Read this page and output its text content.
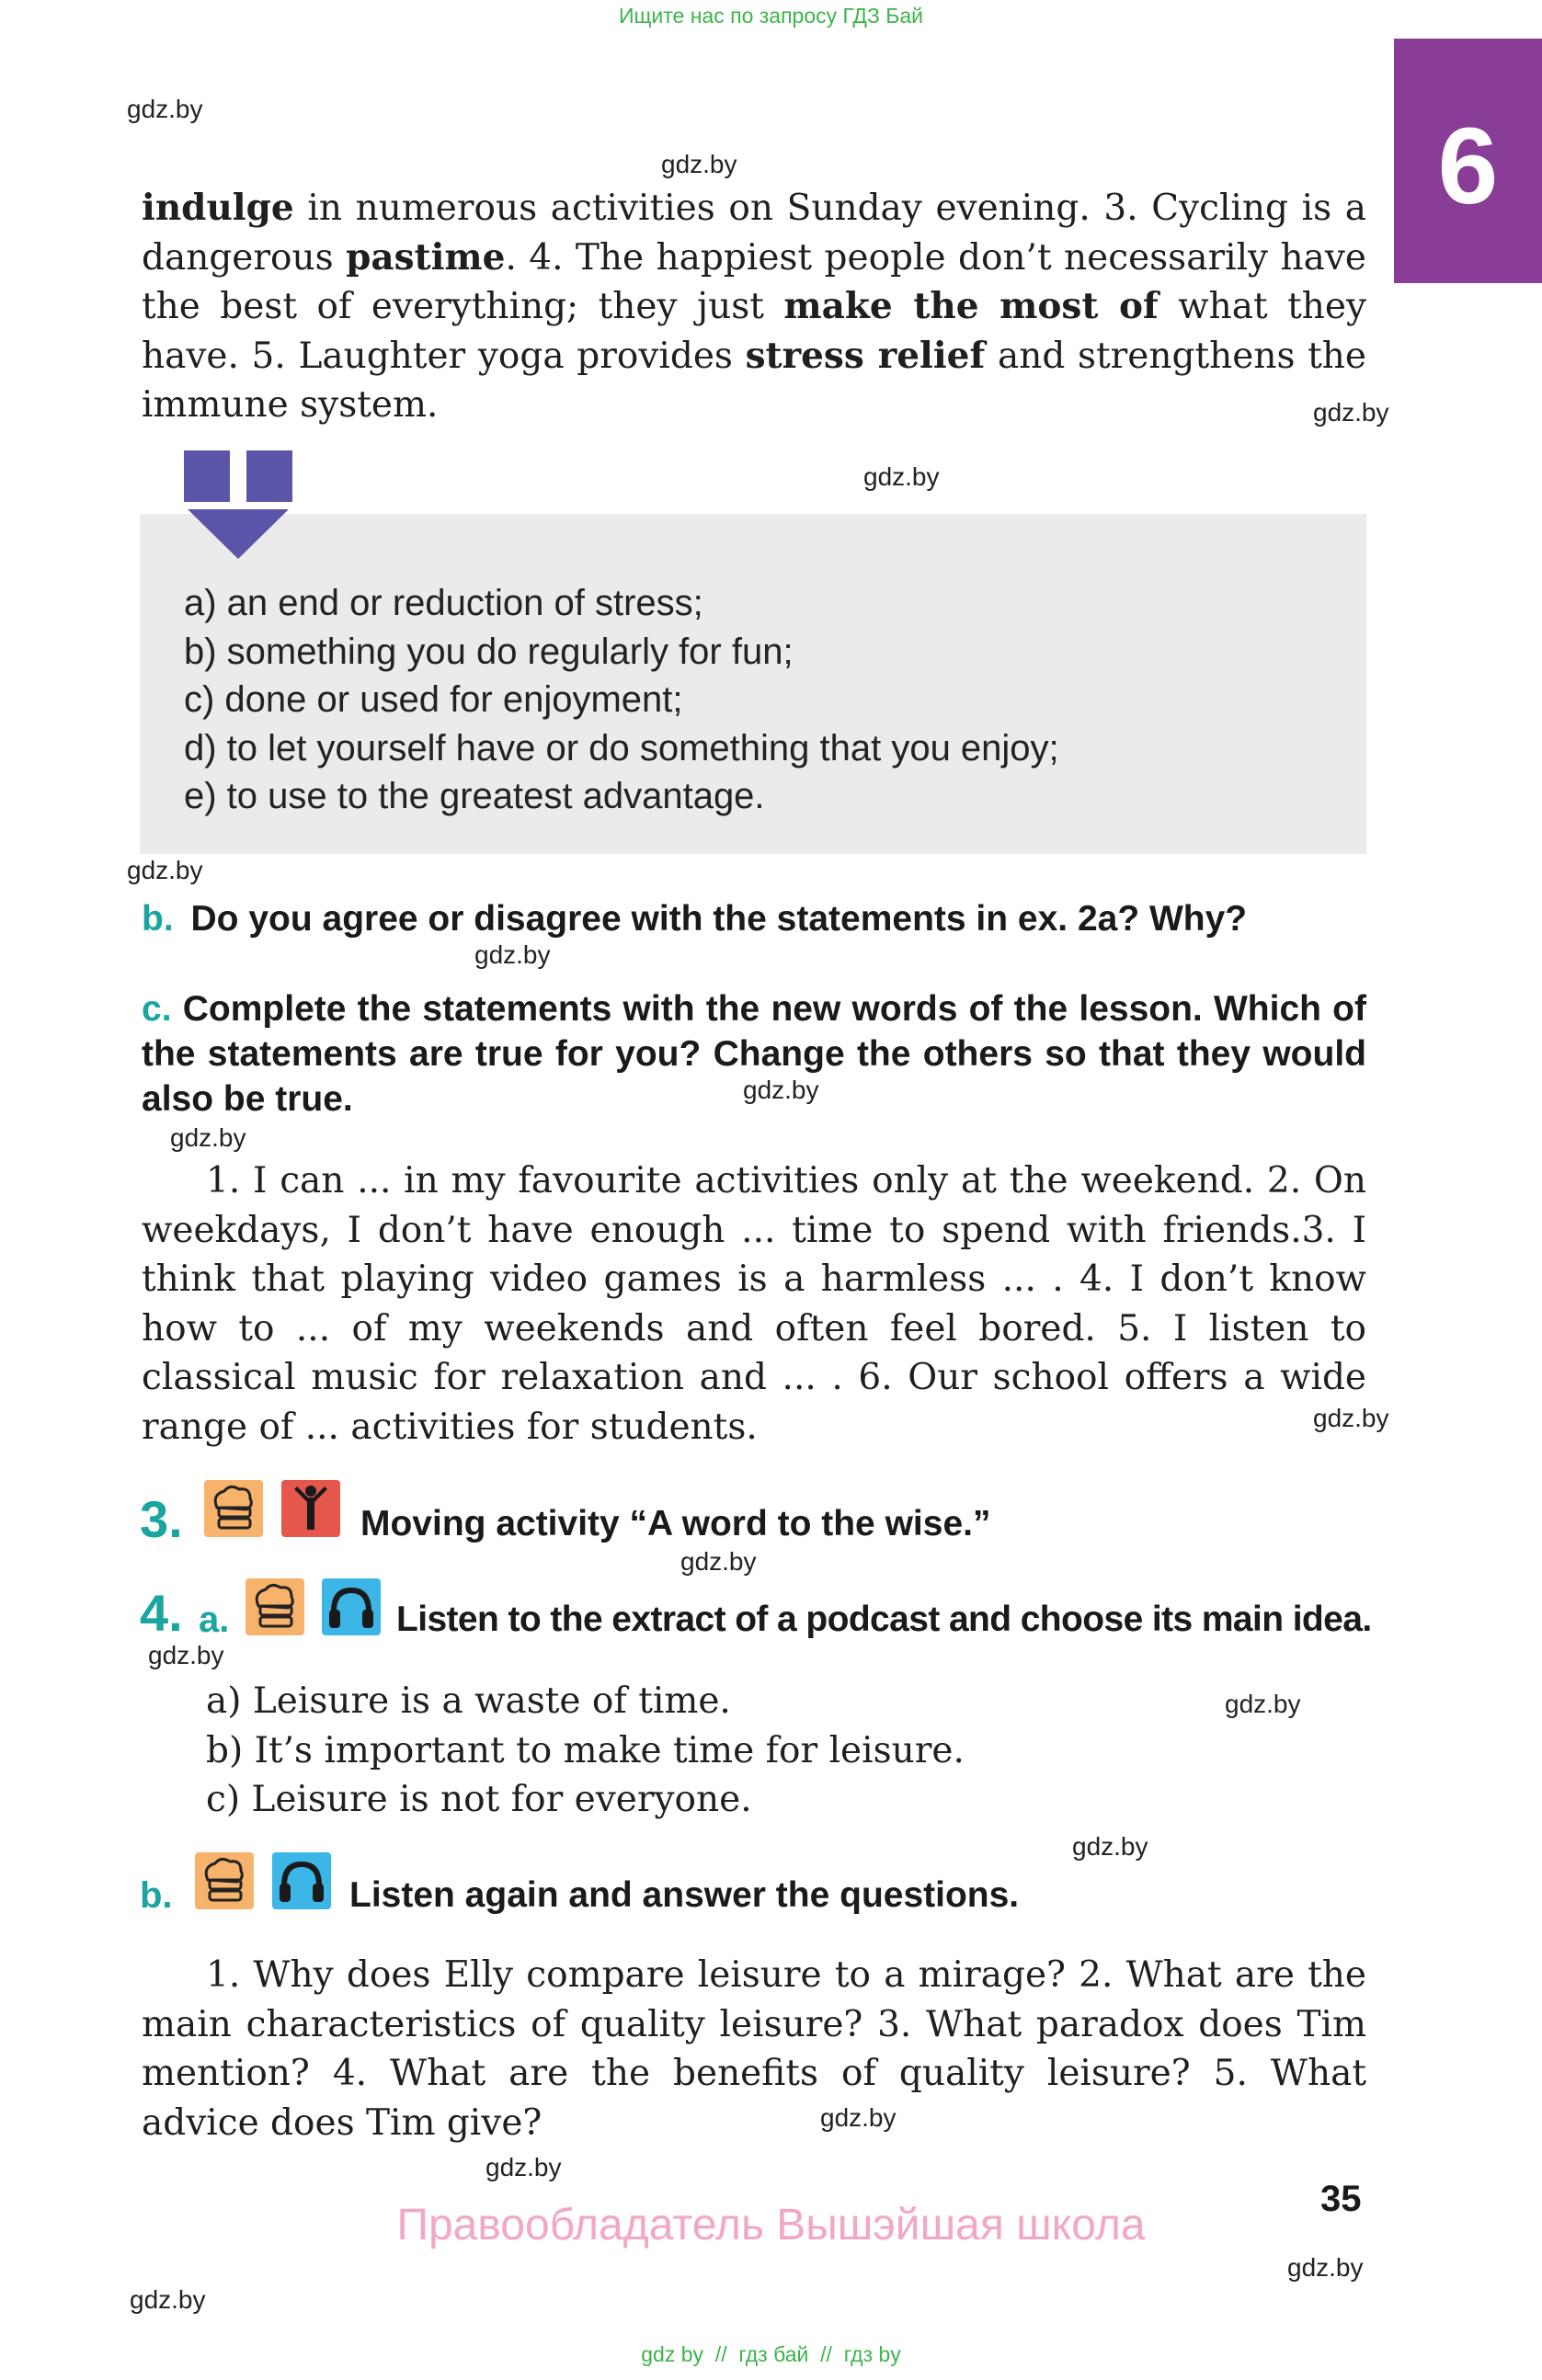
Ищите нас по запросу ГДЗ Бай
6
gdz.by
gdz.by
gdz.by
gdz.by
gdz.by
gdz.by
gdz.by
gdz.by
gdz.by
gdz.by
gdz.by
gdz.by
gdz.by
gdz.by
gdz.by
gdz.by
gdz.by
indulge in numerous activities on Sunday evening. 3. Cycling is a dangerous pastime. 4. The happiest people don’t necessarily have the best of everything; they just make the most of what they have. 5. Laughter yoga provides stress relief and strengthens the immune system.
a) an end or reduction of stress;
b) something you do regularly for fun;
c) done or used for enjoyment;
d) to let yourself have or do something that you enjoy;
e) to use to the greatest advantage.
b. Do you agree or disagree with the statements in ex. 2a? Why?
c. Complete the statements with the new words of the lesson. Which of the statements are true for you? Change the others so that they would also be true.
1. I can ... in my favourite activities only at the weekend. 2. On weekdays, I don’t have enough ... time to spend with friends.3. I think that playing video games is a harmless ... . 4. I don’t know how to ... of my weekends and often feel bored. 5. I listen to classical music for relaxation and ... . 6. Our school offers a wide range of ... activities for students.
3.	Moving activity “A word to the wise.”
4. a.	Listen to the extract of a podcast and choose its main idea.
a) Leisure is a waste of time.
b) It’s important to make time for leisure.
c) Leisure is not for everyone.
b.	Listen again and answer the questions.
1. Why does Elly compare leisure to a mirage? 2. What are the main characteristics of quality leisure? 3. What paradox does Tim mention? 4. What are the benefits of quality leisure? 5. What advice does Tim give?
35
Правообладатель Вышэйшая школа
gdz by  //  гдз бай  //  гдз by
